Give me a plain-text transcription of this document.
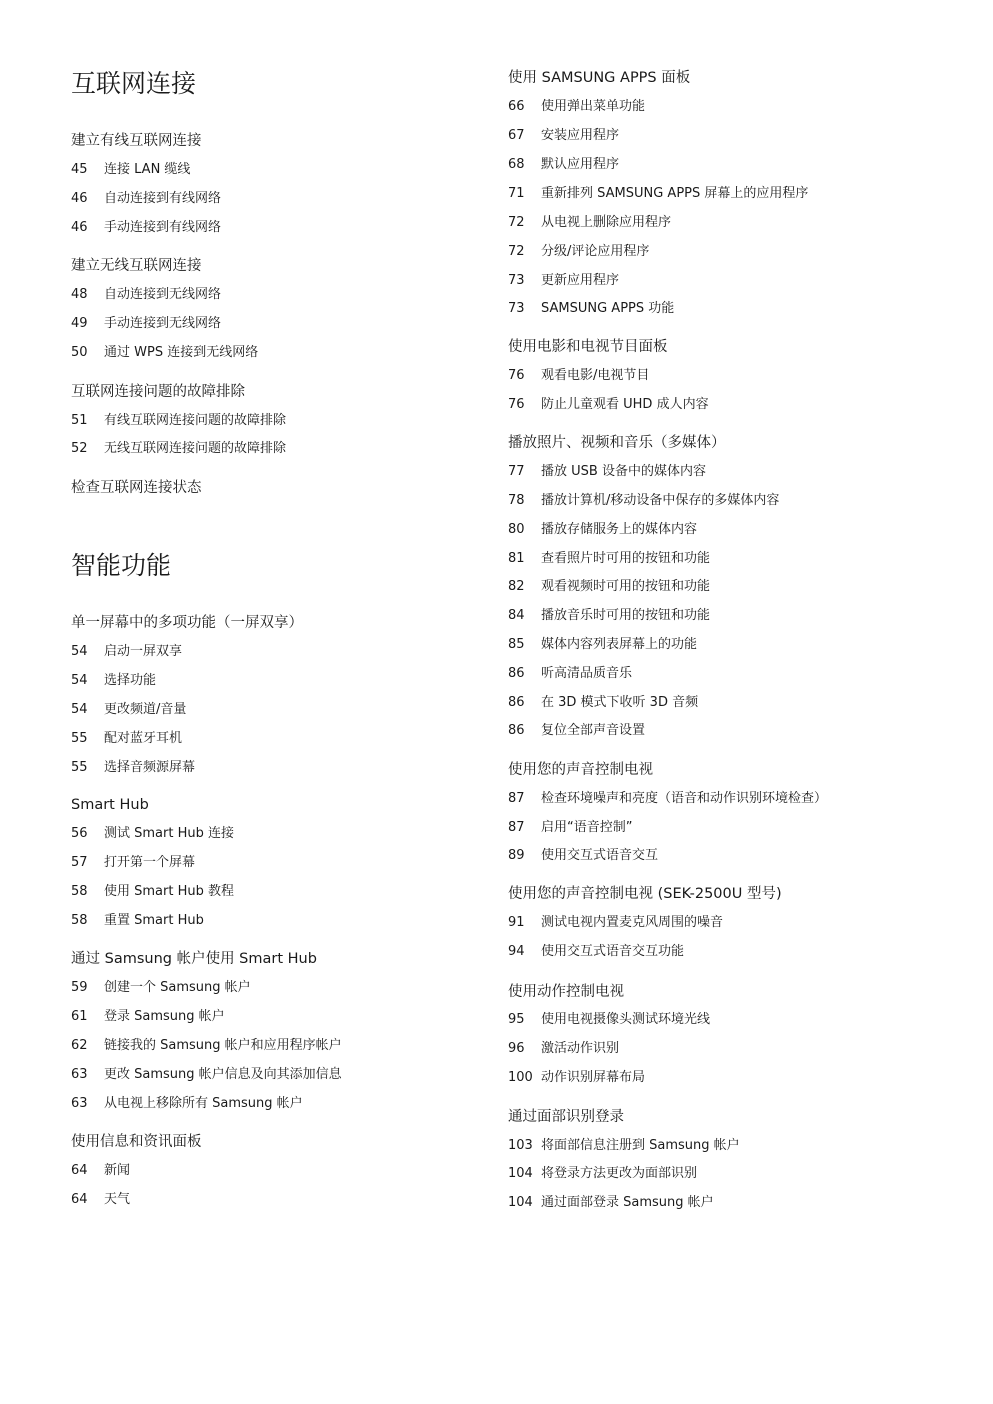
互联网连接
建立有线互联网连接
45 连接 LAN 缆线
46 自动连接到有线网络
46 手动连接到有线网络
建立无线互联网连接
48 自动连接到无线网络
49 手动连接到无线网络
50 通过 WPS 连接到无线网络
互联网连接问题的故障排除
51 有线互联网连接问题的故障排除
52 无线互联网连接问题的故障排除
检查互联网连接状态
智能功能
单一屏幕中的多项功能（一屏双享）
54 启动一屏双享
54 选择功能
54 更改频道/音量
55 配对蓝牙耳机
55 选择音频源屏幕
Smart Hub
56 测试 Smart Hub 连接
57 打开第一个屏幕
58 使用 Smart Hub 教程
58 重置 Smart Hub
通过 Samsung 帐户使用 Smart Hub
59 创建一个 Samsung 帐户
61 登录 Samsung 帐户
62 链接我的 Samsung 帐户和应用程序帐户
63 更改 Samsung 帐户信息及向其添加信息
63 从电视上移除所有 Samsung 帐户
使用信息和资讯面板
64 新闻
64 天气
使用 SAMSUNG APPS 面板
66 使用弹出菜单功能
67 安装应用程序
68 默认应用程序
71 重新排列 SAMSUNG APPS 屏幕上的应用程序
72 从电视上删除应用程序
72 分级/评论应用程序
73 更新应用程序
73 SAMSUNG APPS 功能
使用电影和电视节目面板
76 观看电影/电视节目
76 防止儿童观看 UHD 成人内容
播放照片、视频和音乐（多媒体）
77 播放 USB 设备中的媒体内容
78 播放计算机/移动设备中保存的多媒体内容
80 播放存储服务上的媒体内容
81 查看照片时可用的按钮和功能
82 观看视频时可用的按钮和功能
84 播放音乐时可用的按钮和功能
85 媒体内容列表屏幕上的功能
86 听高清品质音乐
86 在 3D 模式下收听 3D 音频
86 复位全部声音设置
使用您的声音控制电视
87 检查环境噪声和亮度（语音和动作识别环境检查）
87 启用“语音控制”
89 使用交互式语音交互
使用您的声音控制电视 (SEK-2500U 型号)
91 测试电视内置麦克风周围的噪音
94 使用交互式语音交互功能
使用动作控制电视
95 使用电视摄像头测试环境光线
96 激活动作识别
100 动作识别屏幕布局
通过面部识别登录
103 将面部信息注册到 Samsung 帐户
104 将登录方法更改为面部识别
104 通过面部登录 Samsung 帐户
